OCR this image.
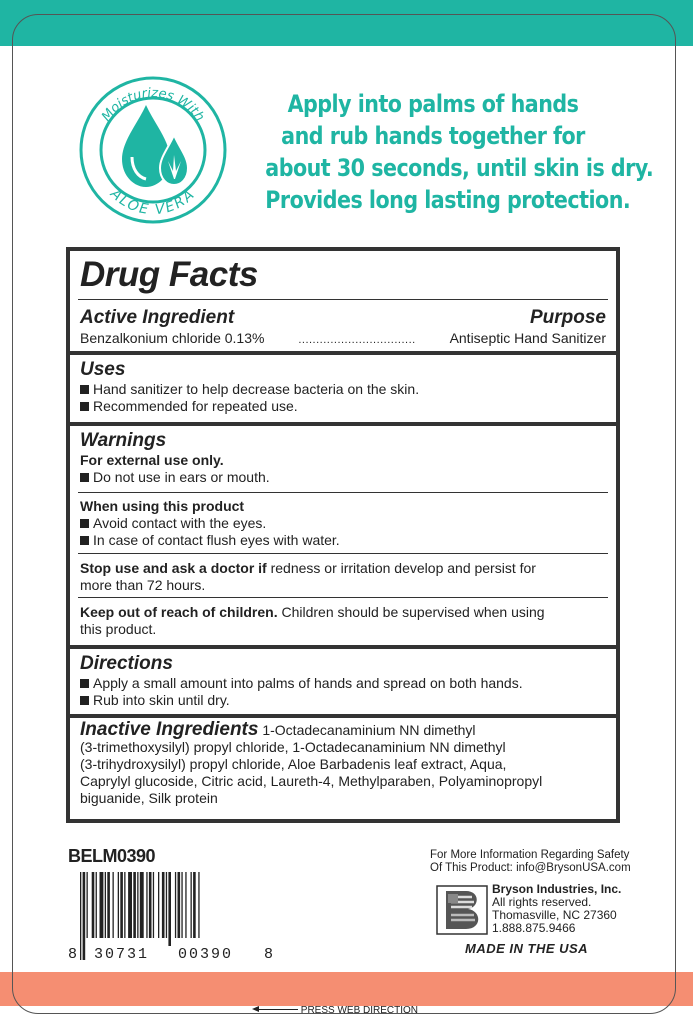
Moisturizes With
ALOE VERA
Apply into palms of hands
and rub hands together for
about 30 seconds, until skin is dry.
Provides long lasting protection.
Drug Facts
Active Ingredient	Purpose
Benzalkonium chloride 0.13%	................................. Antiseptic Hand Sanitizer
Uses
Hand sanitizer to help decrease bacteria on the skin.
Recommended for repeated use.
Warnings
For external use only.
Do not use in ears or mouth.
When using this product
Avoid contact with the eyes.
In case of contact flush eyes with water.
Stop use and ask a doctor if redness or irritation develop and persist for
more than 72 hours.
Keep out of reach of children. Children should be supervised when using
this product.
Directions
Apply a small amount into palms of hands and spread on both hands.
Rub into skin until dry.
Inactive Ingredients 1-Octadecanaminium NN dimethyl
(3-trimethoxysilyl) propyl chloride, 1-Octadecanaminium NN dimethyl
(3-trihydroxysilyl) propyl chloride, Aloe Barbadenis leaf extract, Aqua,
Caprylyl glucoside, Citric acid, Laureth-4, Methylparaben, Polyaminopropyl
biguanide, Silk protein
BELM0390
8 30731 00390 8
For More Information Regarding Safety
Of This Product: info@BrysonUSA.com
Bryson Industries, Inc.
All rights reserved.
Thomasville, NC 27360
1.888.875.9466
MADE IN THE USA
PRESS WEB DIRECTION
